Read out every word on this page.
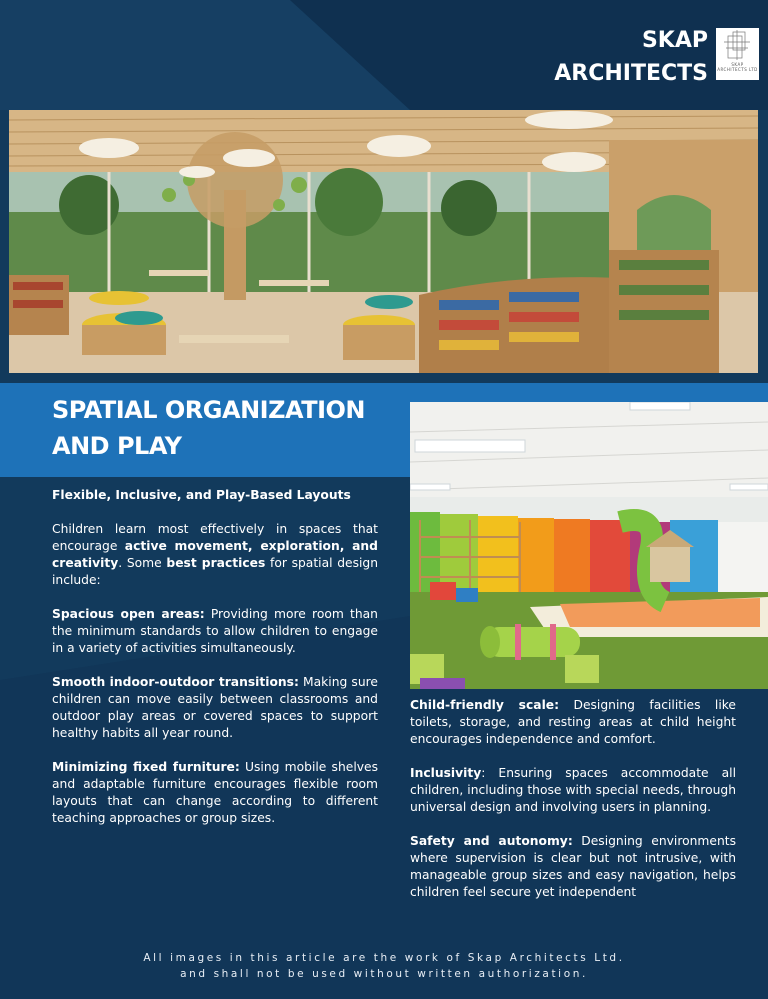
SKAP
ARCHITECTS	SKAP ARCHITECTS LTD
SPATIAL ORGANIZATION
AND PLAY
Flexible, Inclusive, and Play-Based Layouts

Children learn most effectively in spaces that encourage active movement, exploration, and creativity. Some best practices for spatial design include:

Spacious open areas: Providing more room than the minimum standards to allow children to engage in a variety of activities simultaneously.

Smooth indoor-outdoor transitions: Making sure children can move easily between classrooms and outdoor play areas or covered spaces to support healthy habits all year round.

Minimizing fixed furniture: Using mobile shelves and adaptable furniture encourages flexible room layouts that can change according to different teaching approaches or group sizes.

Child-friendly scale: Designing facilities like toilets, storage, and resting areas at child height encourages independence and comfort.

Inclusivity: Ensuring spaces accommodate all children, including those with special needs, through universal design and involving users in planning.

Safety and autonomy: Designing environments where supervision is clear but not intrusive, with manageable group sizes and easy navigation, helps children feel secure yet independent

All images in this article are the work of Skap Architects Ltd.
and shall not be used without written authorization.
